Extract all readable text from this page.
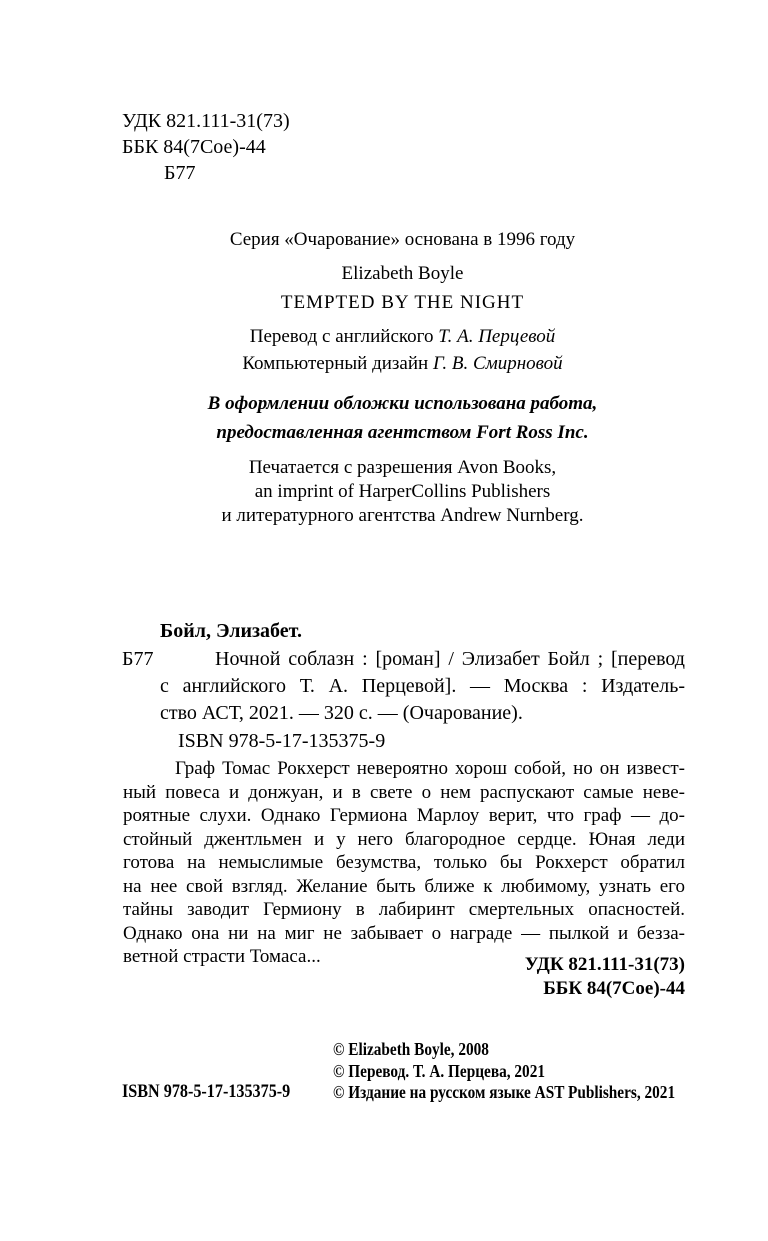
УДК 821.111-31(73)
ББК 84(7Сое)-44
Б77
Серия «Очарование» основана в 1996 году
Elizabeth Boyle
TEMPTED BY THE NIGHT
Перевод с английского Т. А. Перцевой
Компьютерный дизайн Г. В. Смирновой
В оформлении обложки использована работа,
предоставленная агентством Fort Ross Inc.
Печатается с разрешения Avon Books,
an imprint of HarperCollins Publishers
и литературного агентства Andrew Nurnberg.
Бойл, Элизабет.
Б77	Ночной соблазн : [роман] / Элизабет Бойл ; [перевод
с английского Т. А. Перцевой]. — Москва : Издатель-
ство АСТ, 2021. — 320 с. — (Очарование).
ISBN 978-5-17-135375-9
Граф Томас Рокхерст невероятно хорош собой, но он извест-
ный повеса и донжуан, и в свете о нем распускают самые неве-
роятные слухи. Однако Гермиона Марлоу верит, что граф — до-
стойный джентльмен и у него благородное сердце. Юная леди
готова на немыслимые безумства, только бы Рокхерст обратил
на нее свой взгляд. Желание быть ближе к любимому, узнать его
тайны заводит Гермиону в лабиринт смертельных опасностей.
Однако она ни на миг не забывает о награде — пылкой и безза-
ветной страсти Томаса...	УДК 821.111-31(73)
ББК 84(7Сое)-44
© Elizabeth Boyle, 2008
© Перевод. Т. А. Перцева, 2021
© Издание на русском языке AST Publishers, 2021
ISBN 978-5-17-135375-9
